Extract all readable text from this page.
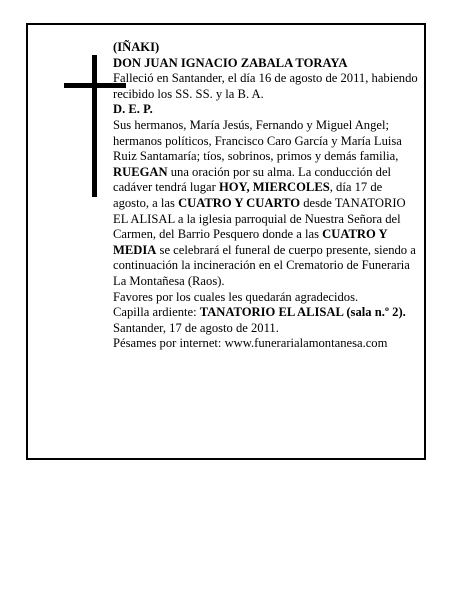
(IÑAKI)

DON JUAN IGNACIO ZABALA TORAYA

Falleció en Santander, el día 16 de agosto de 2011, habiendo recibido los SS. SS. y la B. A.

D. E. P.

Sus hermanos, María Jesús, Fernando y Miguel Angel; hermanos políticos, Francisco Caro García y María Luisa Ruiz Santamaría; tíos, sobrinos, primos y demás familia,

RUEGAN una oración por su alma. La conducción del cadáver tendrá lugar HOY, MIERCOLES, día 17 de agosto, a las CUATRO Y CUARTO desde TANATORIO EL ALISAL a la iglesia parroquial de Nuestra Señora del Carmen, del Barrio Pesquero donde a las CUATRO Y MEDIA se celebrará el funeral de cuerpo presente, siendo a continuación la incineración en el Crematorio de Funeraria La Montañesa (Raos).

Favores por los cuales les quedarán agradecidos.

Capilla ardiente: TANATORIO EL ALISAL (sala n.º 2).

Santander, 17 de agosto de 2011.

Pésames por internet: www.funerarialamontanesa.com
